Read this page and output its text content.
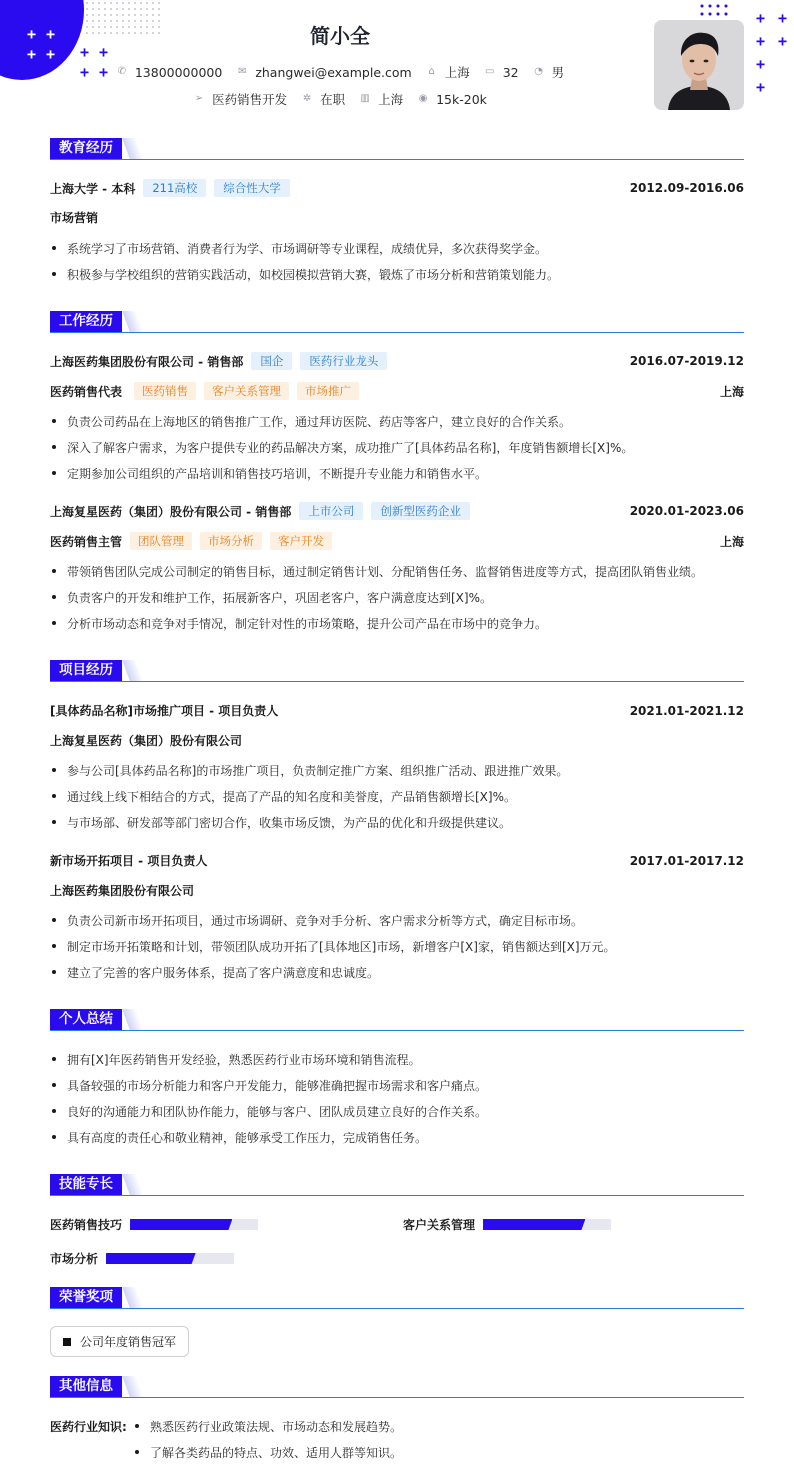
+ +
+ + + +
+ +
+ +
+ +
+
+
简小全
✆ 13800000000 ✉ zhangwei@example.com ⌂ 上海 ▭ 32 ◔ 男
➢ 医药销售开发 ✲ 在职 ▥ 上海 ◉ 15k-20k
教育经历
上海大学 - 本科	211高校	综合性大学	2012.09-2016.06
市场营销
系统学习了市场营销、消费者行为学、市场调研等专业课程，成绩优异，多次获得奖学金。
积极参与学校组织的营销实践活动，如校园模拟营销大赛，锻炼了市场分析和营销策划能力。
工作经历
上海医药集团股份有限公司 - 销售部	国企	医药行业龙头	2016.07-2019.12
医药销售代表	医药销售	客户关系管理	市场推广	上海
负责公司药品在上海地区的销售推广工作，通过拜访医院、药店等客户，建立良好的合作关系。
深入了解客户需求，为客户提供专业的药品解决方案，成功推广了[具体药品名称]，年度销售额增长[X]%。
定期参加公司组织的产品培训和销售技巧培训，不断提升专业能力和销售水平。
上海复星医药（集团）股份有限公司 - 销售部	上市公司	创新型医药企业	2020.01-2023.06
医药销售主管	团队管理	市场分析	客户开发	上海
带领销售团队完成公司制定的销售目标，通过制定销售计划、分配销售任务、监督销售进度等方式，提高团队销售业绩。
负责客户的开发和维护工作，拓展新客户，巩固老客户，客户满意度达到[X]%。
分析市场动态和竞争对手情况，制定针对性的市场策略，提升公司产品在市场中的竞争力。
项目经历
[具体药品名称]市场推广项目 - 项目负责人	2021.01-2021.12
上海复星医药（集团）股份有限公司
参与公司[具体药品名称]的市场推广项目，负责制定推广方案、组织推广活动、跟进推广效果。
通过线上线下相结合的方式，提高了产品的知名度和美誉度，产品销售额增长[X]%。
与市场部、研发部等部门密切合作，收集市场反馈，为产品的优化和升级提供建议。
新市场开拓项目 - 项目负责人	2017.01-2017.12
上海医药集团股份有限公司
负责公司新市场开拓项目，通过市场调研、竞争对手分析、客户需求分析等方式，确定目标市场。
制定市场开拓策略和计划，带领团队成功开拓了[具体地区]市场，新增客户[X]家，销售额达到[X]万元。
建立了完善的客户服务体系，提高了客户满意度和忠诚度。
个人总结
拥有[X]年医药销售开发经验，熟悉医药行业市场环境和销售流程。
具备较强的市场分析能力和客户开发能力，能够准确把握市场需求和客户痛点。
良好的沟通能力和团队协作能力，能够与客户、团队成员建立良好的合作关系。
具有高度的责任心和敬业精神，能够承受工作压力，完成销售任务。
技能专长
医药销售技巧	客户关系管理
市场分析
荣誉奖项
公司年度销售冠军
其他信息
医药行业知识:	熟悉医药行业政策法规、市场动态和发展趋势。
了解各类药品的特点、功效、适用人群等知识。
